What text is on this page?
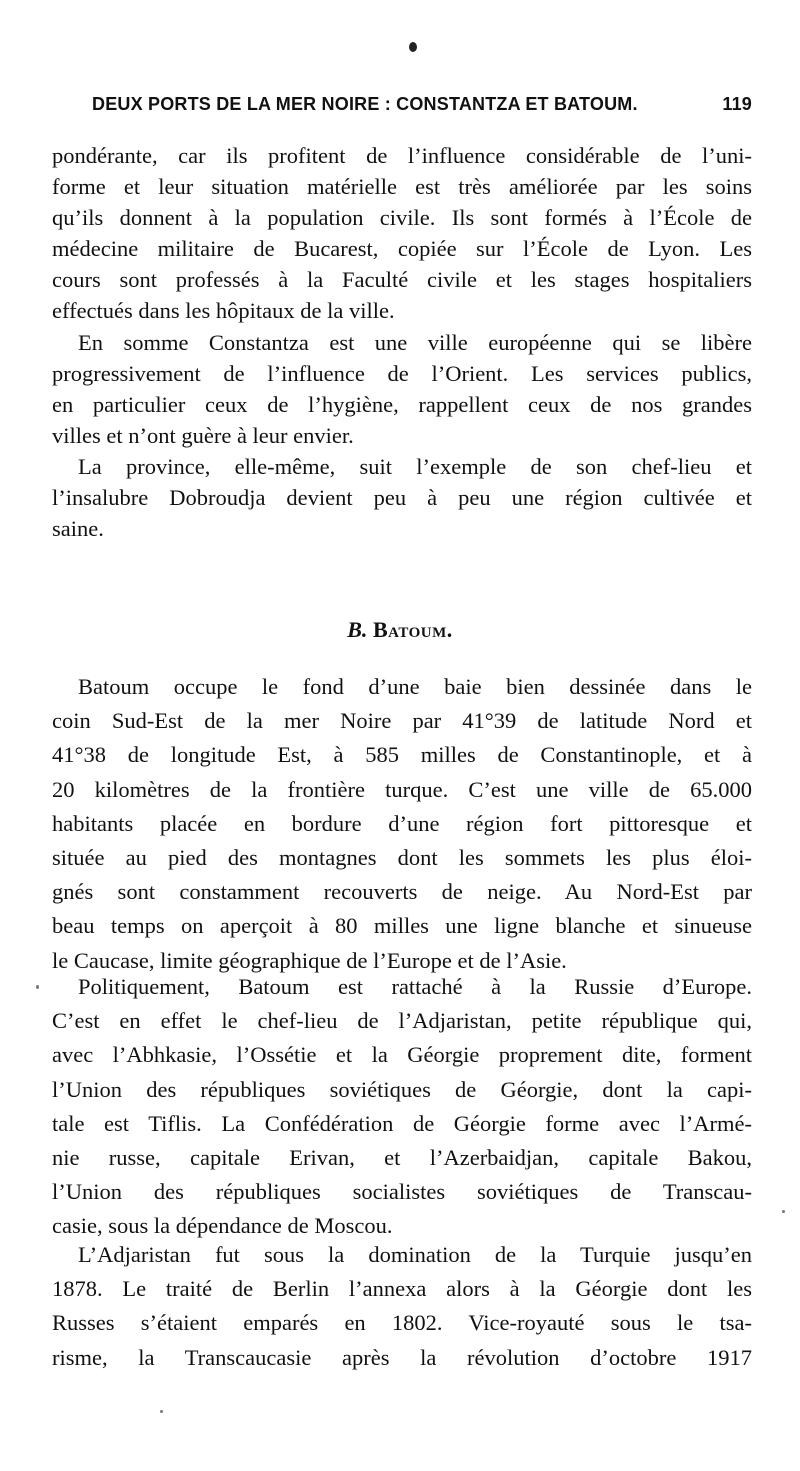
DEUX PORTS DE LA MER NOIRE : CONSTANTZA ET BATOUM.	119
pondérante, car ils profitent de l’influence considérable de l’uni-
forme et leur situation matérielle est très améliorée par les soins
qu’ils donnent à la population civile. Ils sont formés à l’École de
médecine militaire de Bucarest, copiée sur l’École de Lyon. Les
cours sont professés à la Faculté civile et les stages hospitaliers
effectués dans les hôpitaux de la ville.
En somme Constantza est une ville européenne qui se libère
progressivement de l’influence de l’Orient. Les services publics,
en particulier ceux de l’hygiène, rappellent ceux de nos grandes
villes et n’ont guère à leur envier.
La province, elle-même, suit l’exemple de son chef-lieu et
l’insalubre Dobroudja devient peu à peu une région cultivée et
saine.
B. Batoum.
Batoum occupe le fond d’une baie bien dessinée dans le
coin Sud-Est de la mer Noire par 41°39 de latitude Nord et
41°38 de longitude Est, à 585 milles de Constantinople, et à
20 kilomètres de la frontière turque. C’est une ville de 65.000
habitants placée en bordure d’une région fort pittoresque et
située au pied des montagnes dont les sommets les plus éloi-
gnés sont constamment recouverts de neige. Au Nord-Est par
beau temps on aperçoit à 80 milles une ligne blanche et sinueuse
le Caucase, limite géographique de l’Europe et de l’Asie.
Politiquement, Batoum est rattaché à la Russie d’Europe.
C’est en effet le chef-lieu de l’Adjaristan, petite république qui,
avec l’Abhkasie, l’Ossétie et la Géorgie proprement dite, forment
l’Union des républiques soviétiques de Géorgie, dont la capi-
tale est Tiflis. La Confédération de Géorgie forme avec l’Armé-
nie russe, capitale Erivan, et l’Azerbaidjan, capitale Bakou,
l’Union des républiques socialistes soviétiques de Transcau-
casie, sous la dépendance de Moscou.
L’Adjaristan fut sous la domination de la Turquie jusqu’en
1878. Le traité de Berlin l’annexa alors à la Géorgie dont les
Russes s’étaient emparés en 1802. Vice-royauté sous le tsa-
risme, la Transcaucasie après la révolution d’octobre 1917
